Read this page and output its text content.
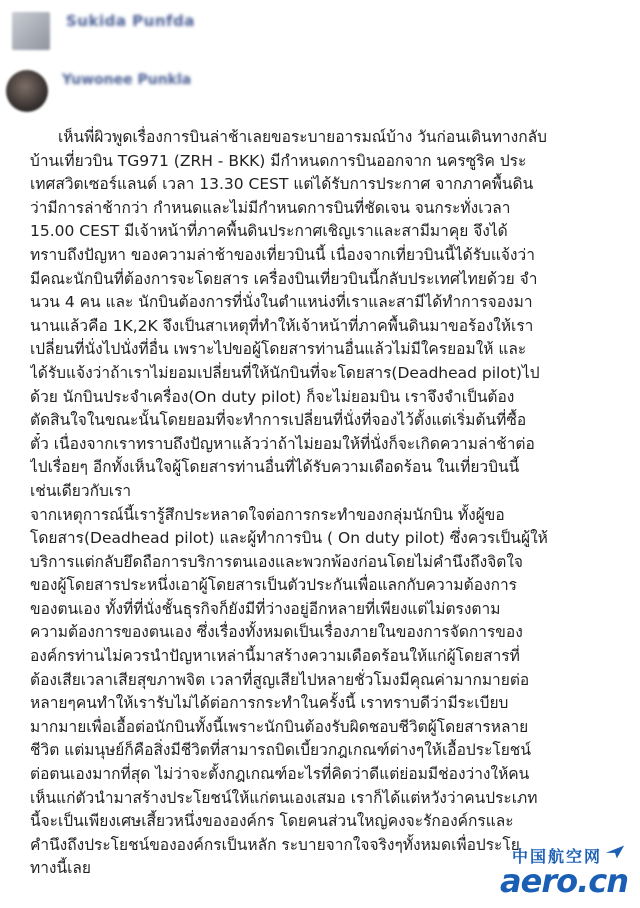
Sukida Punfda
Yuwonee Punkla
เห็นพี่ผิวพูดเรื่องการบินล่าช้าเลยขอระบายอารมณ์บ้าง วันก่อนเดินทางกลับ
บ้านเที่ยวบิน TG971 (ZRH - BKK) มีกำหนดการบินออกจาก นครซูริค ประ
เทศสวิตเซอร์แลนด์ เวลา 13.30 CEST แต่ได้รับการประกาศ จากภาคพื้นดิน
ว่ามีการล่าช้ากว่า กำหนดและไม่มีกำหนดการบินที่ชัดเจน จนกระทั่งเวลา
15.00 CEST มีเจ้าหน้าที่ภาคพื้นดินประกาศเชิญเราและสามีมาคุย จึงได้
ทราบถึงปัญหา ของความล่าช้าของเที่ยวบินนี้ เนื่องจากเที่ยวบินนี้ได้รับแจ้งว่า
มีคณะนักบินที่ต้องการจะโดยสาร เครื่องบินเที่ยวบินนี้กลับประเทศไทยด้วย จำ
นวน 4 คน และ นักบินต้องการที่นั่งในตำแหน่งที่เราและสามีได้ทำการจองมา
นานแล้วคือ 1K,2K จึงเป็นสาเหตุที่ทำให้เจ้าหน้าที่ภาคพื้นดินมาขอร้องให้เรา
เปลี่ยนที่นั่งไปนั่งที่อื่น เพราะไปขอผู้โดยสารท่านอื่นแล้วไม่มีใครยอมให้ และ
ได้รับแจ้งว่าถ้าเราไม่ยอมเปลี่ยนที่ให้นักบินที่จะโดยสาร(Deadhead pilot)ไป
ด้วย นักบินประจำเครื่อง(On duty pilot) ก็จะไม่ยอมบิน เราจึงจำเป็นต้อง
ตัดสินใจในขณะนั้นโดยยอมที่จะทำการเปลี่ยนที่นั่งที่จองไว้ตั้งแต่เริ่มต้นที่ซื้อ
ตั๋ว เนื่องจากเราทราบถึงปัญหาแล้วว่าถ้าไม่ยอมให้ที่นั่งก็จะเกิดความล่าช้าต่อ
ไปเรื่อยๆ อีกทั้งเห็นใจผู้โดยสารท่านอื่นที่ได้รับความเดือดร้อน ในเที่ยวบินนี้
เช่นเดียวกับเรา
จากเหตุการณ์นี้เรารู้สึกประหลาดใจต่อการกระทำของกลุ่มนักบิน ทั้งผู้ขอ
โดยสาร(Deadhead pilot) และผู้ทำการบิน ( On duty pilot) ซึ่งควรเป็นผู้ให้
บริการแต่กลับยึดถือการบริการตนเองและพวกพ้องก่อนโดยไม่คำนึงถึงจิตใจ
ของผู้โดยสารประหนึ่งเอาผู้โดยสารเป็นตัวประกันเพื่อแลกกับความต้องการ
ของตนเอง ทั้งที่ที่นั่งชั้นธุรกิจก็ยังมีที่ว่างอยู่อีกหลายที่เพียงแต่ไม่ตรงตาม
ความต้องการของตนเอง ซึ่งเรื่องทั้งหมดเป็นเรื่องภายในของการจัดการของ
องค์กรท่านไม่ควรนำปัญหาเหล่านี้มาสร้างความเดือดร้อนให้แก่ผู้โดยสารที่
ต้องเสียเวลาเสียสุขภาพจิต เวลาที่สูญเสียไปหลายชั่วโมงมีคุณค่ามากมายต่อ
หลายๆคนทำให้เรารับไม่ได้ต่อการกระทำในครั้งนี้ เราทราบดีว่ามีระเบียบ
มากมายเพื่อเอื้อต่อนักบินทั้งนี้เพราะนักบินต้องรับผิดชอบชีวิตผู้โดยสารหลาย
ชีวิต แต่มนุษย์ก็คือสิ่งมีชีวิตที่สามารถบิดเบี้ยวกฎเกณฑ์ต่างๆให้เอื้อประโยชน์
ต่อตนเองมากที่สุด ไม่ว่าจะตั้งกฎเกณฑ์อะไรที่คิดว่าดีแต่ย่อมมีช่องว่างให้คน
เห็นแก่ตัวนำมาสร้างประโยชน์ให้แก่ตนเองเสมอ เราก็ได้แต่หวังว่าคนประเภท
นี้จะเป็นเพียงเศษเสี้ยวหนึ่งขององค์กร โดยคนส่วนใหญ่คงจะรักองค์กรและ
คำนึงถึงประโยชน์ขององค์กรเป็นหลัก ระบายจากใจจริงๆทั้งหมดเพื่อประโย
ทางนี้เลย
中国航空网
aero.cn
